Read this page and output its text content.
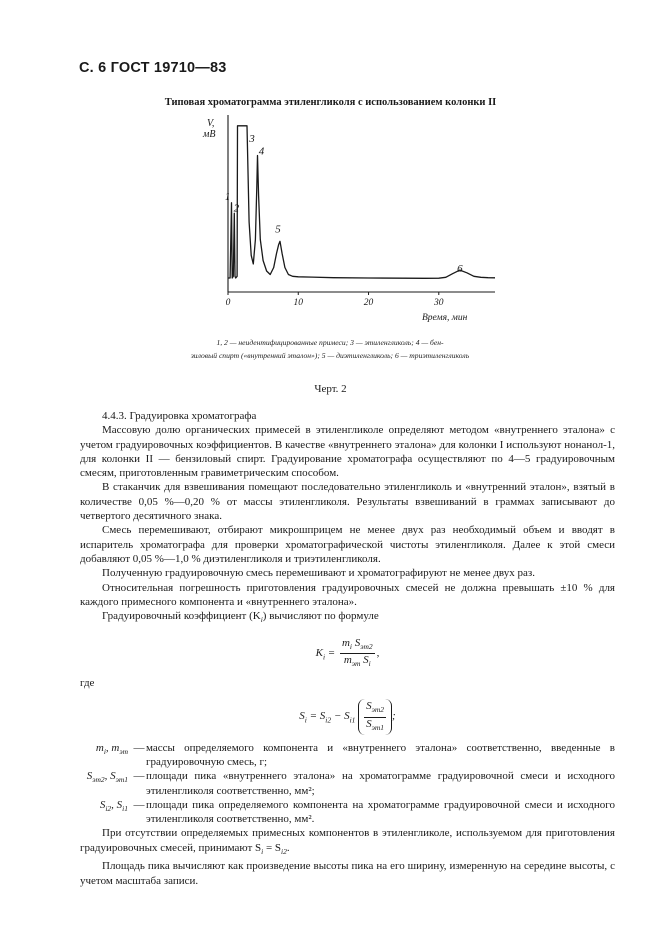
С. 6 ГОСТ 19710—83
Типовая хроматограмма этиленгликоля с использованием колонки II
0	10	20	30
1
2
3
4
5
6
V,
мВ
Время, мин
1, 2 — неидентифицированные примеси; 3 — этиленгликоль; 4 — бен-
зиловый спирт («внутренний эталон»); 5 — диэтиленгликоль; 6 — триэтиленгликоль
Черт. 2

4.4.3. Градуировка хроматографа

Массовую долю органических примесей в этиленгликоле определяют методом «внутреннего эталона» с учетом градуировочных коэффициентов. В качестве «внутреннего эталона» для колонки I используют нонанол-1, для колонки II — бензиловый спирт. Градуирование хроматографа осуществляют по 4—5 градуировочным смесям, приготовленным гравиметрическим способом.

В стаканчик для взвешивания помещают последовательно этиленгликоль и «внутренний эталон», взятый в количестве 0,05 %—0,20 % от массы этиленгликоля. Результаты взвешиваний в граммах записывают до четвертого десятичного знака.

Смесь перемешивают, отбирают микрошприцем не менее двух раз необходимый объем и вводят в испаритель хроматографа для проверки хроматографической чистоты этиленгликоля. Далее к этой смеси добавляют 0,05 %—1,0 % диэтиленгликоля и триэтиленгликоля.

Полученную градуировочную смесь перемешивают и хроматографируют не менее двух раз.

Относительная погрешность приготовления градуировочных смесей не должна превышать ±10 % для каждого примесного компонента и «внутреннего эталона».

Градуировочный коэффициент $(K_i)$ вычисляют по формуле

$K_i = \frac{m_i S_{эт2}}{m_{эт} S_i}$ ,

где

$S_i = S_{i2} - S_{i1} \frac{S_{эт2}}{S_{эт1}}$ ;
$m_i$, $m_{эт}$ — массы определяемого компонента и «внутреннего эталона» соответственно, введенные в градуировочную смесь, г;
$S_{эт2}$, $S_{эт1}$ — площади пика «внутреннего эталона» на хроматограмме градуировочной смеси и исходного этиленгликоля соответственно, мм²;
$S_{i2}$, $S_{i1}$ — площади пика определяемого компонента на хроматограмме градуировочной смеси и исходного этиленгликоля соответственно, мм².

При отсутствии определяемых примесных компонентов в этиленгликоле, используемом для приготовления градуировочных смесей, принимают $S_i = S_{i2}$.

Площадь пика вычисляют как произведение высоты пика на его ширину, измеренную на середине высоты, с учетом масштаба записи.
